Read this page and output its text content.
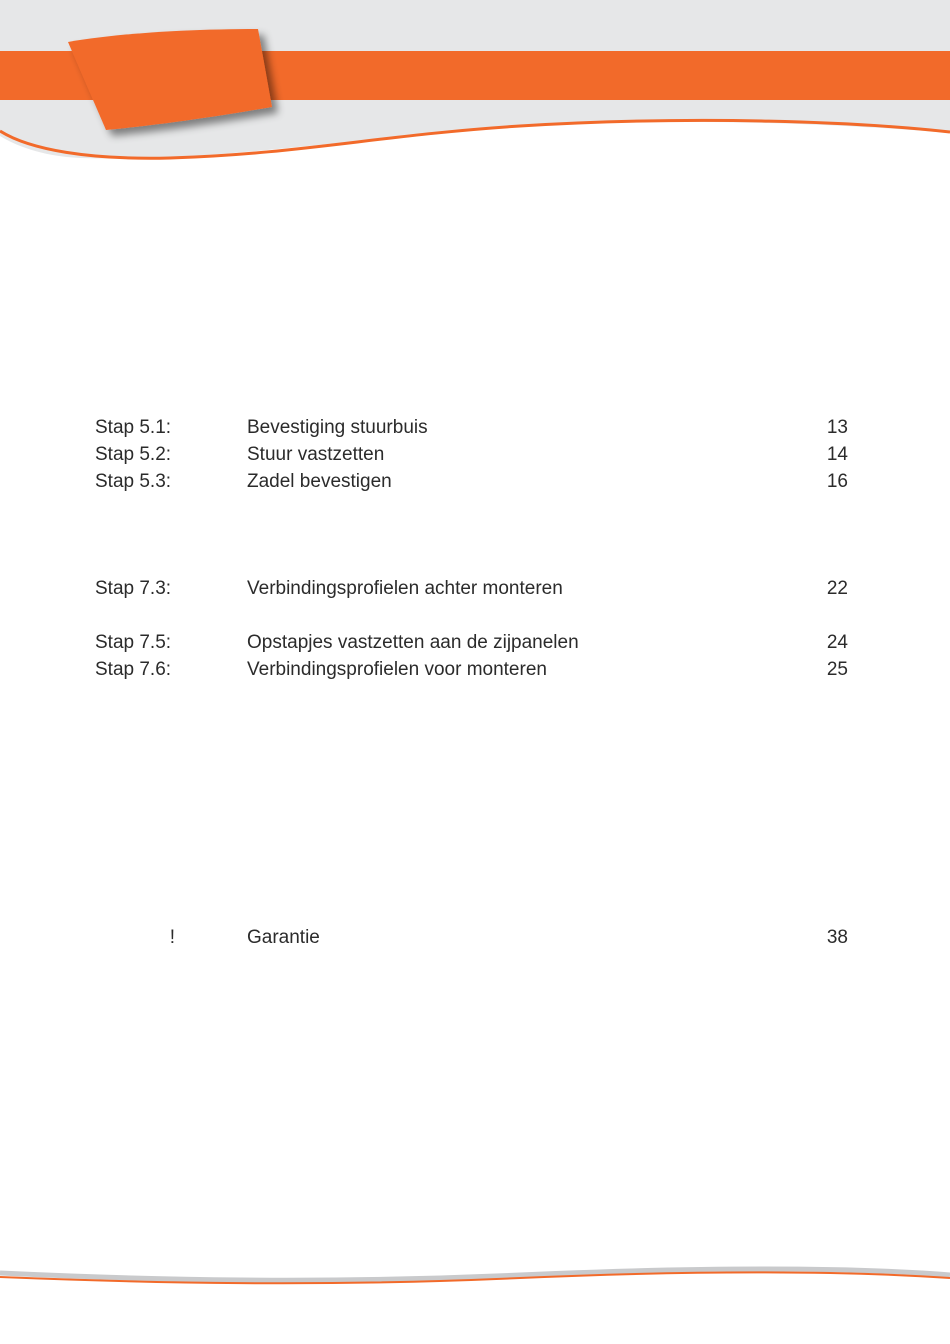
Stap 5.1:	Bevestiging stuurbuis	13
Stap 5.2:	Stuur vastzetten	14
Stap 5.3:	Zadel bevestigen	16
Stap 7.3:	Verbindingsprofielen achter monteren	22
Stap 7.5:	Opstapjes vastzetten aan de zijpanelen	24
Stap 7.6:	Verbindingsprofielen voor monteren	25
!	Garantie	38
